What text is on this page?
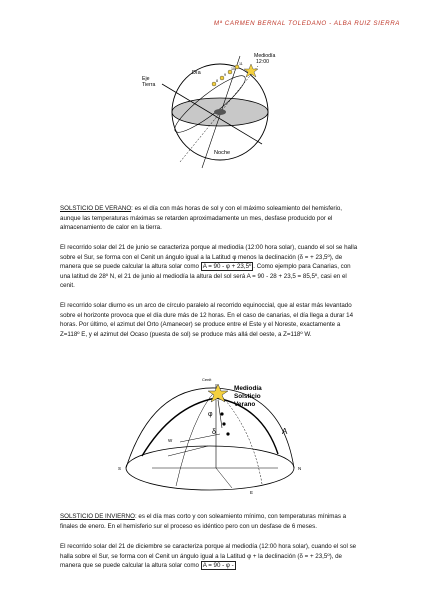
Mª CARMEN BERNAL TOLEDANO - ALBA RUIZ SIERRA
Mediodía
12:00
Día
11
10
9
8
Eje Tierra
Noche

SOLSTICIO DE VERANO: es el día con más horas de sol y con el máximo soleamiento del hemisferio, aunque las temperaturas máximas se retarden aproximadamente un mes, desfase producido por el almacenamiento de calor en la tierra.

El recorrido solar del 21 de junio se caracteriza porque al mediodía (12:00 hora solar), cuando el sol se halla sobre el Sur, se forma con el Cenit un ángulo igual a la Latitud φ menos la declinación (δ = + 23,5º), de manera que se puede calcular la altura solar como A = 90 - φ + 23,5º . Como ejemplo para Canarias, con una latitud de 28º N, el 21 de junio al mediodía la altura del sol será A = 90 - 28 + 23,5 = 85,5º, casi en el cenit.

El recorrido solar diurno es un arco de círculo paralelo al recorrido equinoccial, que al estar más levantado sobre el horizonte provoca que el día dure más de 12 horas. En el caso de canarias, el día llega a durar 14 horas. Por último, el azimut del Orto (Amanecer) se produce entre el Este y el Noreste, exactamente a Z=118º E, y el azimut del Ocaso (puesta de sol) se produce más allá del oeste, a Z=118º W.

Mediodía
Solsticio
Verano
Cenit
φ
δ	A
W
S	N
E

SOLSTICIO DE INVIERNO: es el día mas corto y con soleamiento mínimo, con temperaturas mínimas a finales de enero. En el hemisferio sur el proceso es idéntico pero con un desfase de 6 meses.

El recorrido solar del 21 de diciembre se caracteriza porque al mediodía (12:00 hora solar), cuando el sol se halla sobre el Sur, se forma con el Cenit un ángulo igual a la Latitud φ + la declinación (δ = + 23,5º), de manera que se puede calcular la altura solar como A = 90 - φ -
